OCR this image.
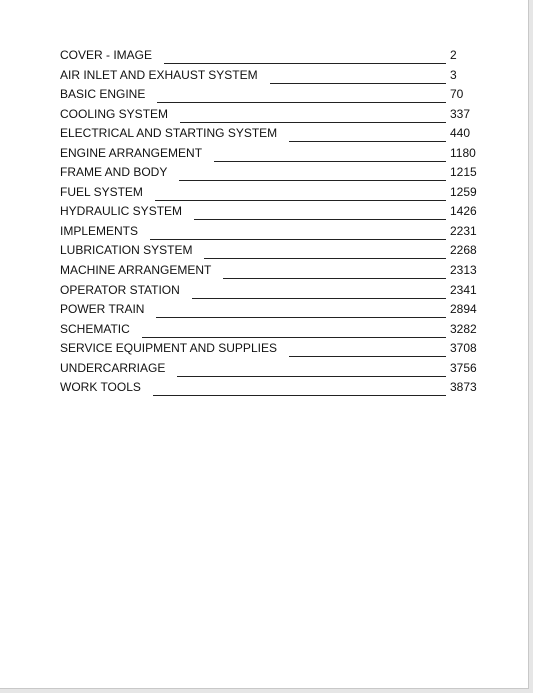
COVER - IMAGE	2
AIR INLET AND EXHAUST SYSTEM	3
BASIC ENGINE	70
COOLING SYSTEM	337
ELECTRICAL AND STARTING SYSTEM	440
ENGINE ARRANGEMENT	1180
FRAME AND BODY	1215
FUEL SYSTEM	1259
HYDRAULIC SYSTEM	1426
IMPLEMENTS	2231
LUBRICATION SYSTEM	2268
MACHINE ARRANGEMENT	2313
OPERATOR STATION	2341
POWER TRAIN	2894
SCHEMATIC	3282
SERVICE EQUIPMENT AND SUPPLIES	3708
UNDERCARRIAGE	3756
WORK TOOLS	3873
